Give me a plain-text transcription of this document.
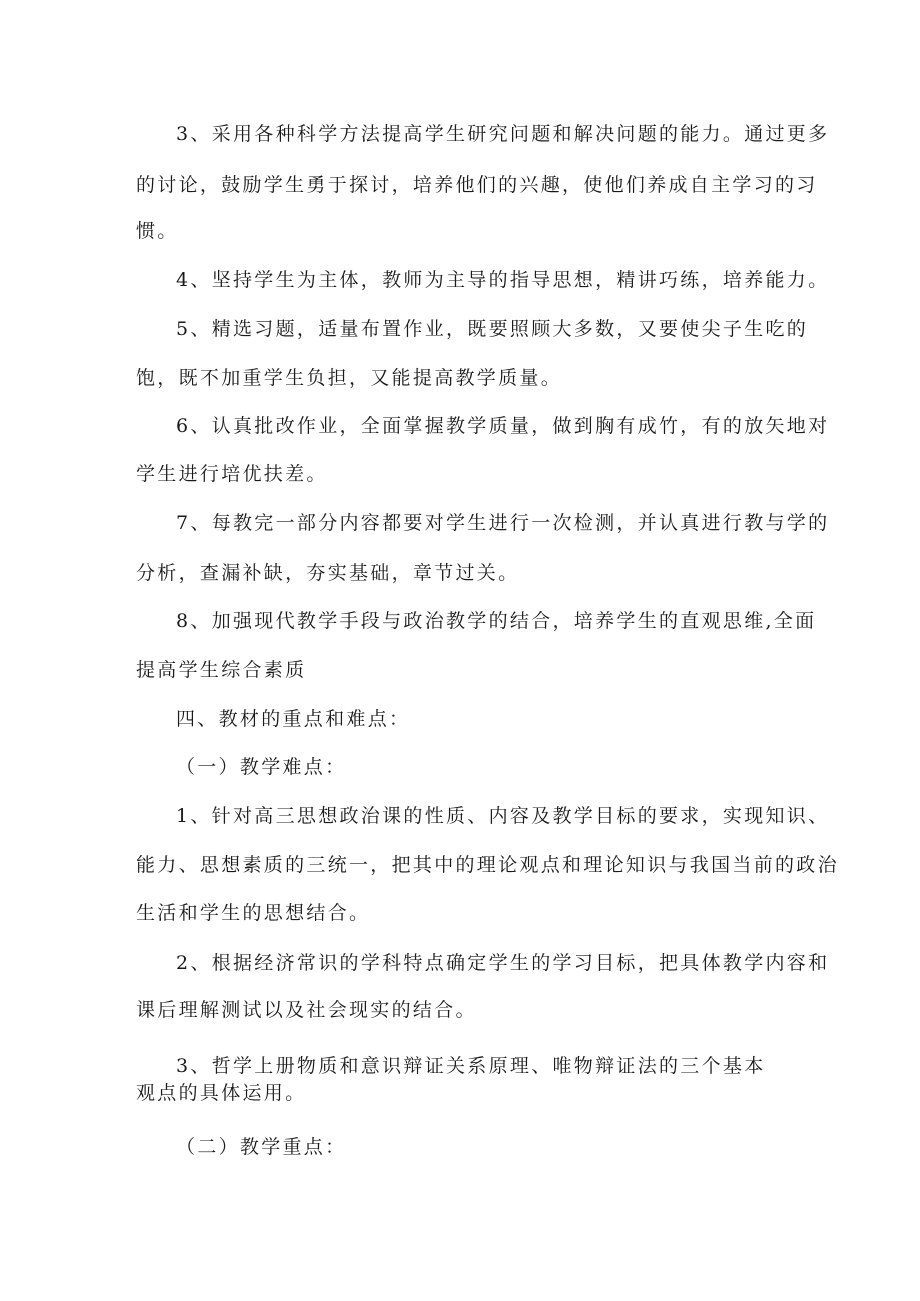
3、采用各种科学方法提高学生研究问题和解决问题的能力。通过更多
的讨论，鼓励学生勇于探讨，培养他们的兴趣，使他们养成自主学习的习
惯。
4、坚持学生为主体，教师为主导的指导思想，精讲巧练，培养能力。
5、精选习题，适量布置作业，既要照顾大多数，又要使尖子生吃的
饱，既不加重学生负担，又能提高教学质量。
6、认真批改作业，全面掌握教学质量，做到胸有成竹，有的放矢地对
学生进行培优扶差。
7、每教完一部分内容都要对学生进行一次检测，并认真进行教与学的
分析，查漏补缺，夯实基础，章节过关。
8、加强现代教学手段与政治教学的结合，培养学生的直观思维,全面
提高学生综合素质
四、教材的重点和难点：
（一）教学难点：
1、针对高三思想政治课的性质、内容及教学目标的要求，实现知识、
能力、思想素质的三统一，把其中的理论观点和理论知识与我国当前的政治
生活和学生的思想结合。
2、根据经济常识的学科特点确定学生的学习目标，把具体教学内容和
课后理解测试以及社会现实的结合。
3、哲学上册物质和意识辩证关系原理、唯物辩证法的三个基本
观点的具体运用。
（二）教学重点：
